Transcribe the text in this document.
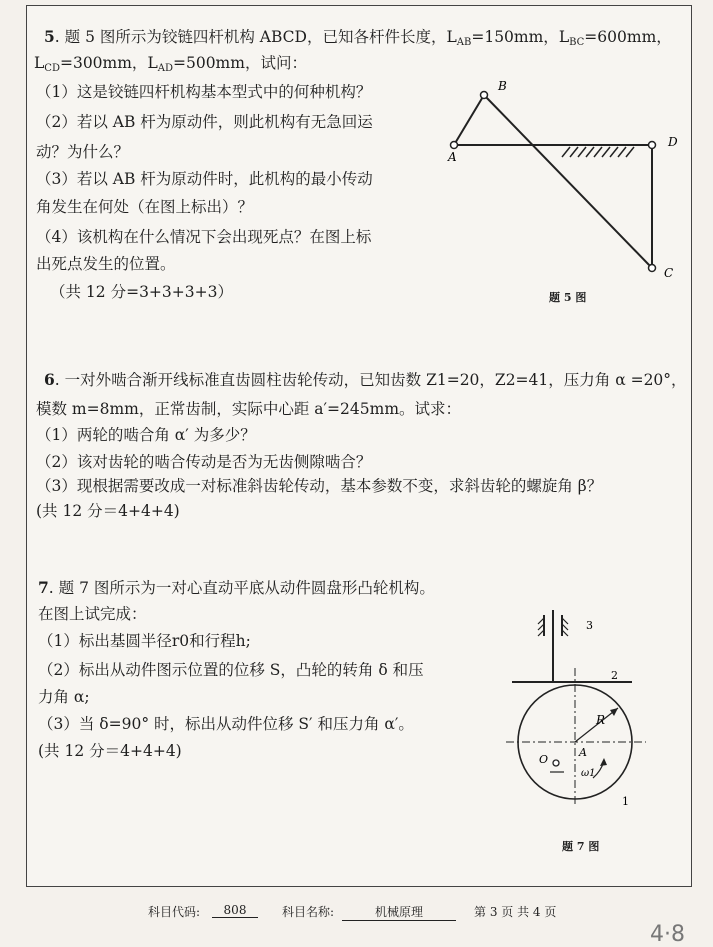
5. 题 5 图所示为铰链四杆机构 ABCD，已知各杆件长度，$L_{AB}=150mm$，$L_{BC}=600mm$，
$L_{CD}=300mm$，$L_{AD}=500mm$，试问：
（1）这是铰链四杆机构基本型式中的何种机构？
（2）若以 AB 杆为原动件，则此机构有无急回运
动？为什么？
（3）若以 AB 杆为原动件时，此机构的最小传动
角发生在何处（在图上标出）？
（4）该机构在什么情况下会出现死点？在图上标
出死点发生的位置。
（共 12 分=3+3+3+3）
A
B
D
C
题 5 图
6. 一对外啮合渐开线标准直齿圆柱齿轮传动，已知齿数 Z1=20，Z2=41，压力角 α =20°，
模数 m=8mm，正常齿制，实际中心距 a′=245mm。试求：
（1）两轮的啮合角 α′ 为多少？
（2）该对齿轮的啮合传动是否为无齿侧隙啮合？
（3）现根据需要改成一对标准斜齿轮传动，基本参数不变，求斜齿轮的螺旋角 β？
(共 12 分＝4+4+4)
7. 题 7 图所示为一对心直动平底从动件圆盘形凸轮机构。
在图上试完成：
（1）标出基圆半径r0和行程h;
（2）标出从动件图示位置的位移 S，凸轮的转角 δ 和压
力角 α;
（3）当 δ=90° 时，标出从动件位移 S′ 和压力角 α′。
(共 12 分＝4+4+4)
3
2
1
R
A
O
ω1
题 7 图
科目代码:	808	科目名称:	机械原理	第 3 页 共 4 页
4·8
